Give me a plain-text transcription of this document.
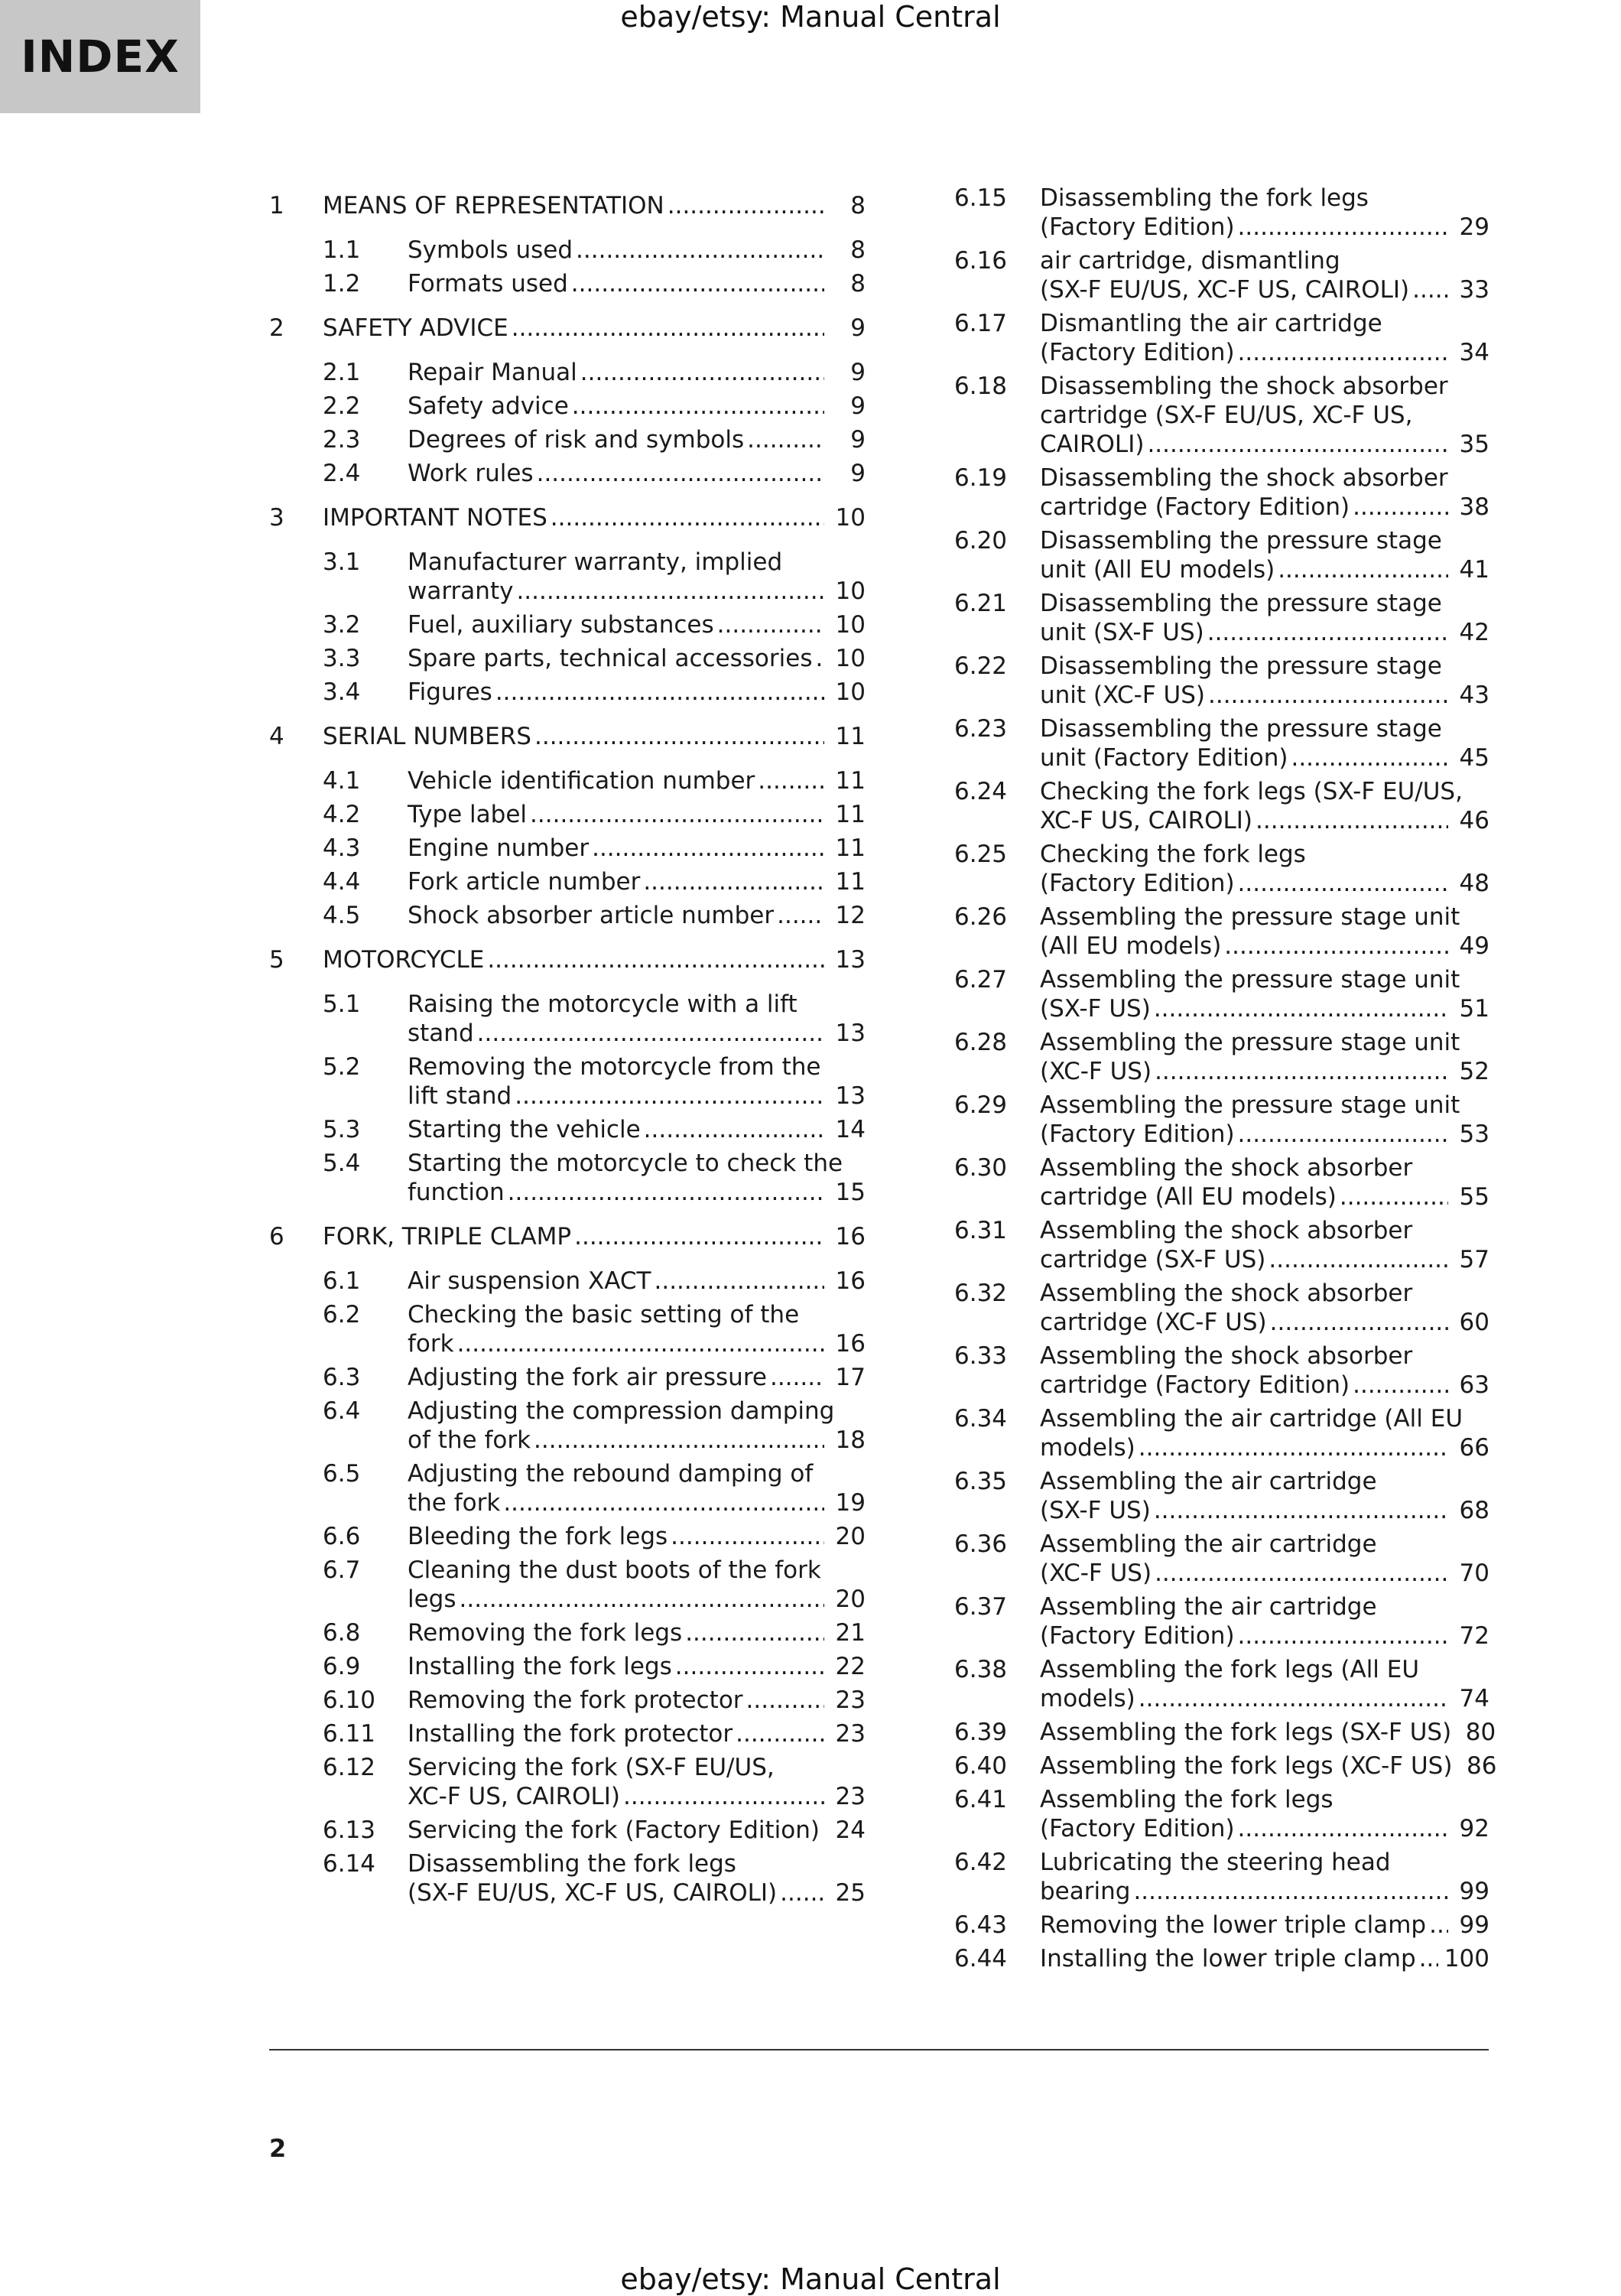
INDEX
ebay/etsy: Manual Central
1	MEANS OF REPRESENTATION .....	8
1.1	Symbols used .....	8
1.2	Formats used .....	8
2	SAFETY ADVICE .....	9
2.1	Repair Manual .....	9
2.2	Safety advice .....	9
2.3	Degrees of risk and symbols .....	9
2.4	Work rules .....	9
3	IMPORTANT NOTES .....	10
3.1	Manufacturer warranty, implied
warranty .....	10
3.2	Fuel, auxiliary substances .....	10
3.3	Spare parts, technical accessories ..... 10
3.4	Figures .....	10
4	SERIAL NUMBERS .....	11
4.1	Vehicle identification number .....	11
4.2	Type label .....	11
4.3	Engine number .....	11
4.4	Fork article number .....	11
4.5	Shock absorber article number .....	12
5	MOTORCYCLE .....	13
5.1	Raising the motorcycle with a lift
stand .....	13
5.2	Removing the motorcycle from the
lift stand .....	13
5.3	Starting the vehicle .....	14
5.4	Starting the motorcycle to check the
function .....	15
6	FORK, TRIPLE CLAMP .....	16
6.1	Air suspension XACT .....	16
6.2	Checking the basic setting of the
fork .....	16
6.3	Adjusting the fork air pressure .....	17
6.4	Adjusting the compression damping
of the fork .....	18
6.5	Adjusting the rebound damping of
the fork .....	19
6.6	Bleeding the fork legs .....	20
6.7	Cleaning the dust boots of the fork
legs .....	20
6.8	Removing the fork legs .....	21
6.9	Installing the fork legs .....	22
6.10	Removing the fork protector .....	23
6.11	Installing the fork protector .....	23
6.12	Servicing the fork (SX-F EU/US,
XC-F US, CAIROLI) .....	23
6.13	Servicing the fork (Factory Edition) ..... 24
6.14	Disassembling the fork legs
(SX-F EU/US, XC-F US, CAIROLI) ..... 25
6.15	Disassembling the fork legs
(Factory Edition) .....	29
6.16	air cartridge, dismantling
(SX-F EU/US, XC-F US, CAIROLI) ..... 33
6.17	Dismantling the air cartridge
(Factory Edition) .....	34
6.18	Disassembling the shock absorber
cartridge (SX-F EU/US, XC-F US,
CAIROLI) .....	35
6.19	Disassembling the shock absorber
cartridge (Factory Edition) .....	38
6.20	Disassembling the pressure stage
unit (All EU models) .....	41
6.21	Disassembling the pressure stage
unit (SX-F US) .....	42
6.22	Disassembling the pressure stage
unit (XC-F US) .....	43
6.23	Disassembling the pressure stage
unit (Factory Edition) .....	45
6.24	Checking the fork legs (SX-F EU/US,
XC-F US, CAIROLI) .....	46
6.25	Checking the fork legs
(Factory Edition) .....	48
6.26	Assembling the pressure stage unit
(All EU models) .....	49
6.27	Assembling the pressure stage unit
(SX-F US) .....	51
6.28	Assembling the pressure stage unit
(XC-F US) .....	52
6.29	Assembling the pressure stage unit
(Factory Edition) .....	53
6.30	Assembling the shock absorber
cartridge (All EU models) .....	55
6.31	Assembling the shock absorber
cartridge (SX-F US) .....	57
6.32	Assembling the shock absorber
cartridge (XC-F US) .....	60
6.33	Assembling the shock absorber
cartridge (Factory Edition) .....	63
6.34	Assembling the air cartridge (All EU
models) .....	66
6.35	Assembling the air cartridge
(SX-F US) .....	68
6.36	Assembling the air cartridge
(XC-F US) .....	70
6.37	Assembling the air cartridge
(Factory Edition) .....	72
6.38	Assembling the fork legs (All EU
models) .....	74
6.39	Assembling the fork legs (SX-F US) 80
6.40	Assembling the fork legs (XC-F US) 86
6.41	Assembling the fork legs
(Factory Edition) .....	92
6.42	Lubricating the steering head
bearing .....	99
6.43	Removing the lower triple clamp ..... 99
6.44	Installing the lower triple clamp ..... 100
2
ebay/etsy: Manual Central
